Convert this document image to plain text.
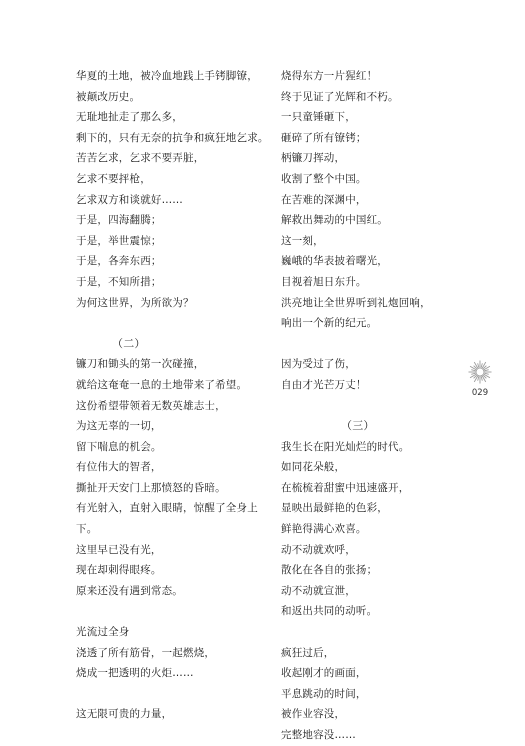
华夏的土地，被冷血地践上手铐脚镣，
被颠改历史。
无耻地扯走了那么多，
剩下的，只有无奈的抗争和疯狂地乞求。
苦苦乞求，乞求不要弄脏，
乞求不要抨枪，
乞求双方和谈就好……
于是，四海翻腾；
于是，举世震惊；
于是，各奔东西；
于是，不知所措；
为何这世界，为所欲为？
（二）
镰刀和锄头的第一次碰撞，
就给这奄奄一息的土地带来了希望。
这份希望带领着无数英雄志士，
为这无辜的一切，
留下喘息的机会。
有位伟大的智者，
撕扯开天安门上那愤怒的昏暗。
有光射入，直射入眼睛，惊醒了全身上
下。
这里早已没有光，
现在却刺得眼疼。
原来还没有遇到常态。
光流过全身
浇透了所有筋骨，一起燃烧，
烧成一把透明的火炬……
这无限可贵的力量，
烧得东方一片猩红！
终于见证了光辉和不朽。
一只童锤砸下，
砸碎了所有镣铐；
柄镰刀挥动，
收割了整个中国。
在苦难的深渊中，
解救出舞动的中国红。
这一刻，
巍峨的华表披着曙光，
目视着旭日东升。
洪亮地让全世界听到礼炮回响，
响出一个新的纪元。
因为受过了伤，
自由才光芒万丈！
（三）
我生长在阳光灿烂的时代。
如同花朵般，
在梳梳着甜蜜中迅速盛开，
显映出最鲜艳的色彩，
鲜艳得满心欢喜。
动不动就欢呼，
散化在各自的张扬；
动不动就宣泄，
和返出共同的动听。
疯狂过后，
收起刚才的画面，
平息跳动的时间，
被作业容没，
完整地容没……
029
